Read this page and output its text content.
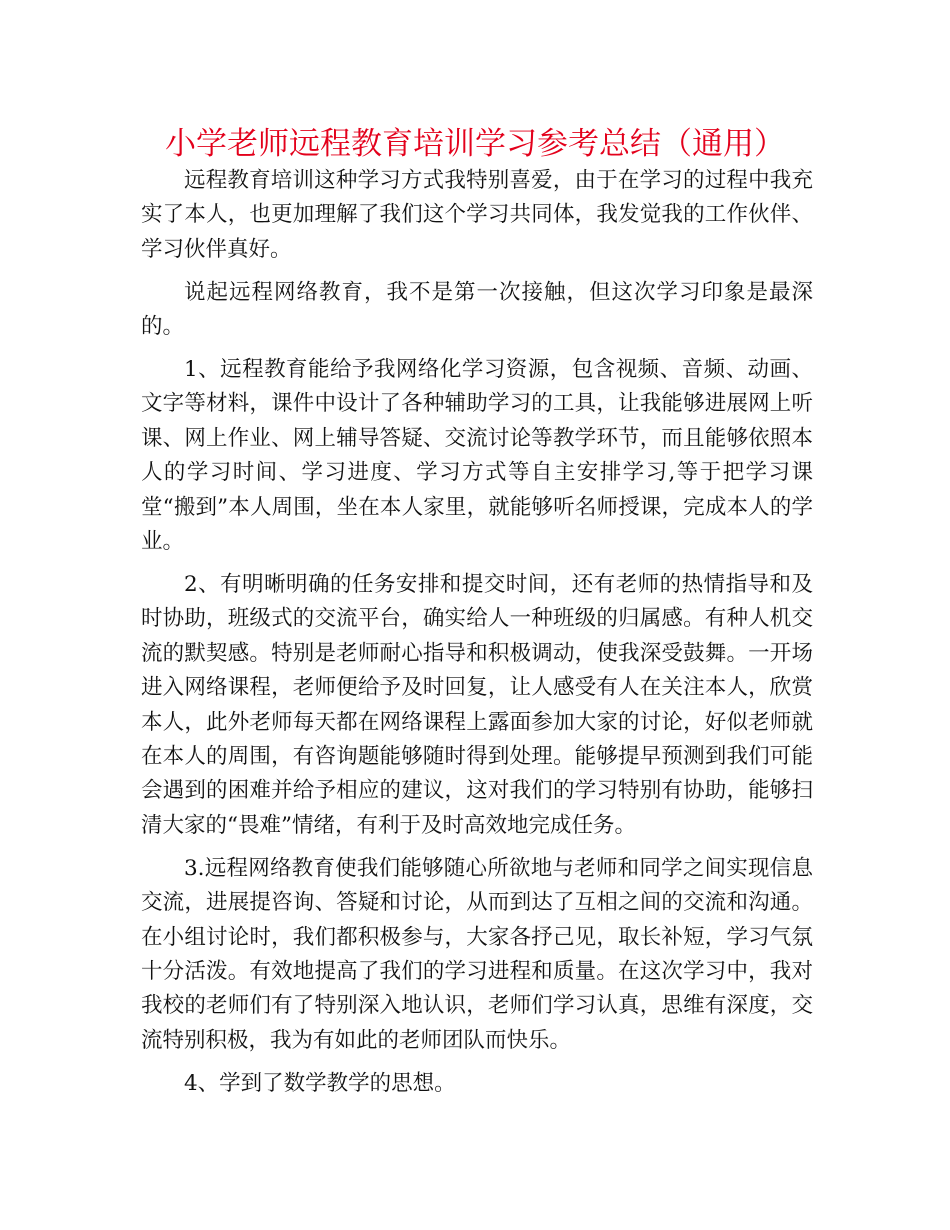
小学老师远程教育培训学习参考总结（通用）

远程教育培训这种学习方式我特别喜爱，由于在学习的过程中我充实了本人，也更加理解了我们这个学习共同体，我发觉我的工作伙伴、学习伙伴真好。

说起远程网络教育，我不是第一次接触，但这次学习印象是最深的。

1、远程教育能给予我网络化学习资源，包含视频、音频、动画、文字等材料，课件中设计了各种辅助学习的工具，让我能够进展网上听课、网上作业、网上辅导答疑、交流讨论等教学环节，而且能够依照本人的学习时间、学习进度、学习方式等自主安排学习,等于把学习课堂“搬到”本人周围，坐在本人家里，就能够听名师授课，完成本人的学业。

2、有明晰明确的任务安排和提交时间，还有老师的热情指导和及时协助，班级式的交流平台，确实给人一种班级的归属感。有种人机交流的默契感。特别是老师耐心指导和积极调动，使我深受鼓舞。一开场进入网络课程，老师便给予及时回复，让人感受有人在关注本人，欣赏本人，此外老师每天都在网络课程上露面参加大家的讨论，好似老师就在本人的周围，有咨询题能够随时得到处理。能够提早预测到我们可能会遇到的困难并给予相应的建议，这对我们的学习特别有协助，能够扫清大家的“畏难”情绪，有利于及时高效地完成任务。

3.远程网络教育使我们能够随心所欲地与老师和同学之间实现信息交流，进展提咨询、答疑和讨论，从而到达了互相之间的交流和沟通。在小组讨论时，我们都积极参与，大家各抒己见，取长补短，学习气氛十分活泼。有效地提高了我们的学习进程和质量。在这次学习中，我对我校的老师们有了特别深入地认识，老师们学习认真，思维有深度，交流特别积极，我为有如此的老师团队而快乐。

4、学到了数学教学的思想。
